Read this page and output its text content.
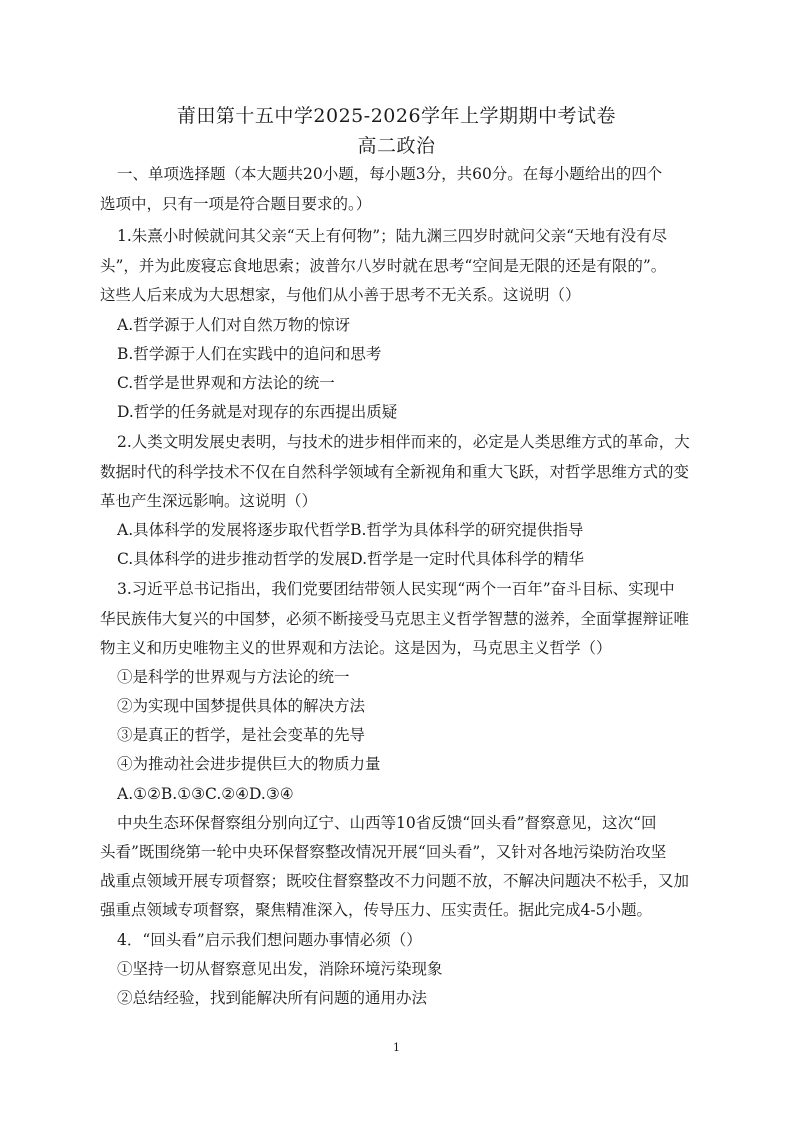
莆田第十五中学2025-2026学年上学期期中考试卷
高二政治
一、单项选择题（本大题共20小题，每小题3分，共60分。在每小题给出的四个
选项中，只有一项是符合题目要求的。）
1.朱熹小时候就问其父亲“天上有何物”；陆九渊三四岁时就问父亲“天地有没有尽
头”，并为此废寝忘食地思索；波普尔八岁时就在思考“空间是无限的还是有限的”。
这些人后来成为大思想家，与他们从小善于思考不无关系。这说明（）
A.哲学源于人们对自然万物的惊讶
B.哲学源于人们在实践中的追问和思考
C.哲学是世界观和方法论的统一
D.哲学的任务就是对现存的东西提出质疑
2.人类文明发展史表明，与技术的进步相伴而来的，必定是人类思维方式的革命，大
数据时代的科学技术不仅在自然科学领域有全新视角和重大飞跃，对哲学思维方式的变
革也产生深远影响。这说明（）
A.具体科学的发展将逐步取代哲学B.哲学为具体科学的研究提供指导
C.具体科学的进步推动哲学的发展D.哲学是一定时代具体科学的精华
3.习近平总书记指出，我们党要团结带领人民实现“两个一百年”奋斗目标、实现中
华民族伟大复兴的中国梦，必须不断接受马克思主义哲学智慧的滋养，全面掌握辩证唯
物主义和历史唯物主义的世界观和方法论。这是因为，马克思主义哲学（）
①是科学的世界观与方法论的统一
②为实现中国梦提供具体的解决方法
③是真正的哲学，是社会变革的先导
④为推动社会进步提供巨大的物质力量
A.①②B.①③C.②④D.③④
中央生态环保督察组分别向辽宁、山西等10省反馈“回头看”督察意见，这次“回
头看”既围绕第一轮中央环保督察整改情况开展“回头看”，又针对各地污染防治攻坚
战重点领域开展专项督察；既咬住督察整改不力问题不放，不解决问题决不松手，又加
强重点领域专项督察，聚焦精准深入，传导压力、压实责任。据此完成4-5小题。
4．“回头看”启示我们想问题办事情必须（）
①坚持一切从督察意见出发，消除环境污染现象
②总结经验，找到能解决所有问题的通用办法
1
